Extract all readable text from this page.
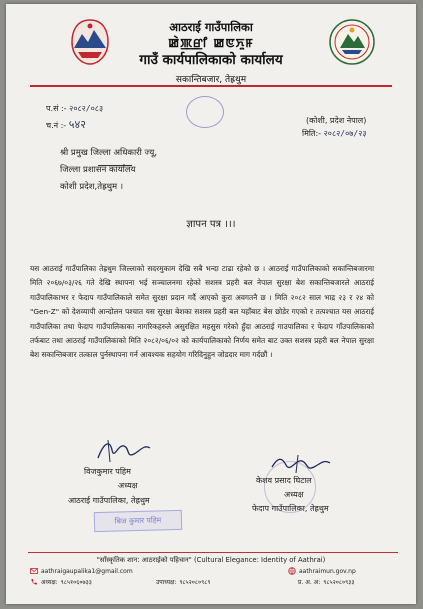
आठराई गाउँपालिका
ꯀꯥꯄ꯭ꯔꯤ ꯀꯟꯈꯨꯝ
गाउँ कार्यपालिकाको कार्यालय
सकान्तिबजार, तेह्रथुम
प.सं :- २०८२/०८३
च.नं :- ५४२	(कोशी, प्रदेश नेपाल)
मिति:- २०८२/०७/२३
श्री प्रमुख जिल्ला अधिकारी ज्यू,
जिल्ला प्रशासन कार्यालय
कोशी प्रदेश,तेह्रथुम ।
ज्ञापन पत्र ।।।

यस आठराई गाउँपालिका तेह्रथुम जिल्लाको सदरमुकाम देखि सबै भन्दा टाढा रहेको छ । आठराई गाउँपालिकाको सकान्तिबजारमा मिति २०६७/०३/२६ गते देखि स्थापना भई सञ्चालनमा रहेको सशस्त्र प्रहरी बल नेपाल सुरक्षा बेश सकान्तिबजारले आठराई गाउँपालिकाभर र फेदाप गाउँपालिकाले समेत सुरक्षा प्रदान गर्दै आएको कुरा अवगतनै छ । मिति २०८२ साल भाद्र २३ र २४ को "Gen-Z" को देशव्यापी आन्दोलन पश्चात यस सुरक्षा बेशका सशस्त्र प्रहरी बल यहाँबाट बेस छोडेर गएको र तत्पश्चात यस आठराई गाउँपालिका तथा फेदाप गाउँपालिकाका नागरिकहरुले असुरक्षित महसुस गरेको हुँदा आठराई गाउपालिका र फेदाप गाँउपालिकाको तर्फबाट तथा आठराई गाउँपालिकाको मिति २०८२/०६/०२ को कार्यपालिकाको निर्णय समेत बाट उक्त सशस्त्र प्रहरी बल नेपाल सुरक्षा बेश सकान्तिबजार तत्काल पुर्नस्थापना गर्न आवश्यक सहयोग गरिदिनुहुन जोडदार माग गर्दछौं ।

विजकुमार पहिम
अध्यक्ष
आठराई गाउँपालिका, तेह्रथुम
बिज कुमार पहिम
केशव प्रसाद घिटाल
अध्यक्ष
फेदाप गाउँपालिका, तेह्रथुम
"साँस्कृतिक शान: आठराईको पहिचान" (Cultural Elegance: Identity of Aathrai)
aathraigaupalika1@gmail.com
अध्यक्ष: ९८५१०६०७३३	उपाध्यक्ष: ९८५२०८०९८९
aathraimun.gov.np
प्र. अ. अ: ९८५२०८०९३३
